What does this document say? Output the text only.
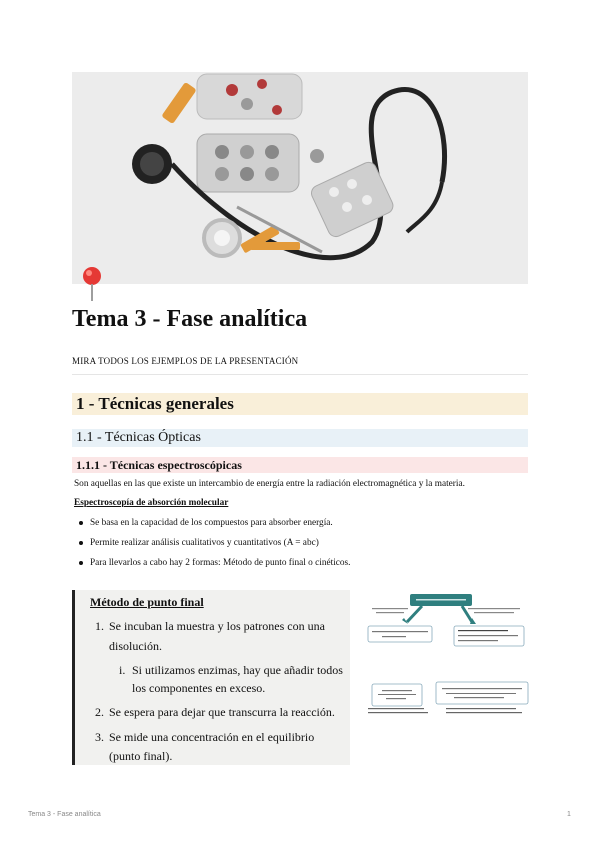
Tema 3 - Fase analítica
MIRA TODOS LOS EJEMPLOS DE LA PRESENTACIÓN
1 - Técnicas generales
1.1 - Técnicas Ópticas
1.1.1 - Técnicas espectroscópicas
Son aquellas en las que existe un intercambio de energía entre la radiación electromagnética y la materia.
Espectroscopía de absorción molecular
Se basa en la capacidad de los compuestos para absorber energía.
Permite realizar análisis cualitativos y cuantitativos (A = abc)
Para llevarlos a cabo hay 2 formas: Método de punto final o cinéticos.
Método de punto final
1. Se incuban la muestra y los patrones con una
disolución.
i. Si utilizamos enzimas, hay que añadir todos
los componentes en exceso.
2. Se espera para dejar que transcurra la reacción.
3. Se mide una concentración en el equilibrio
(punto final).
Tema 3 - Fase analítica	1
